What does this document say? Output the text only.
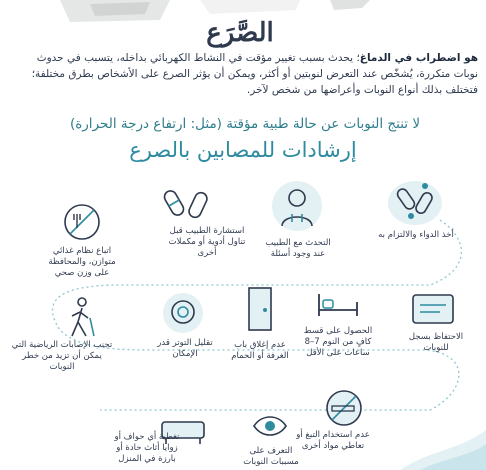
الصَّرَع
هو اضطراب في الدماغ؛ يحدث بسبب تغيير مؤقت في النشاط الكهربائي بداخله، يتسبب في حدوث نوبات متكررة، يُشخّص عند التعرض لنوبتين أو أكثر، ويمكن أن يؤثر الصرع على الأشخاص بطرق مختلفة؛ فتختلف بذلك أنواع النوبات وأعراضها من شخص لآخر.
لا تنتج النوبات عن حالة طبية مؤقتة (مثل: ارتفاع درجة الحرارة)
إرشادات للمصابين بالصرع
أخذ الدواء والالتزام به
التحدث مع الطبيب عند وجود أسئلة
استشارة الطبيب قبل تناول أدوية أو مكملات أخرى
اتباع نظام غذائي متوازن، والمحافظة على وزن صحي
الاحتفاظ بسجل للنوبات
الحصول على قسط كافٍ من النوم 7–8 ساعات على الأقل
عدم إغلاق باب الغرفة أو الحمام
تقليل التوتر قدر الإمكان
تجنب الإصابات الرياضية التي يمكن أن تزيد من خطر النوبات
عدم استخدام التبغ أو تعاطي مواد أخرى
التعرف على مسببات النوبات
تغطية أي حواف أو زوايا أثاث حادة أو بارزة في المنزل
